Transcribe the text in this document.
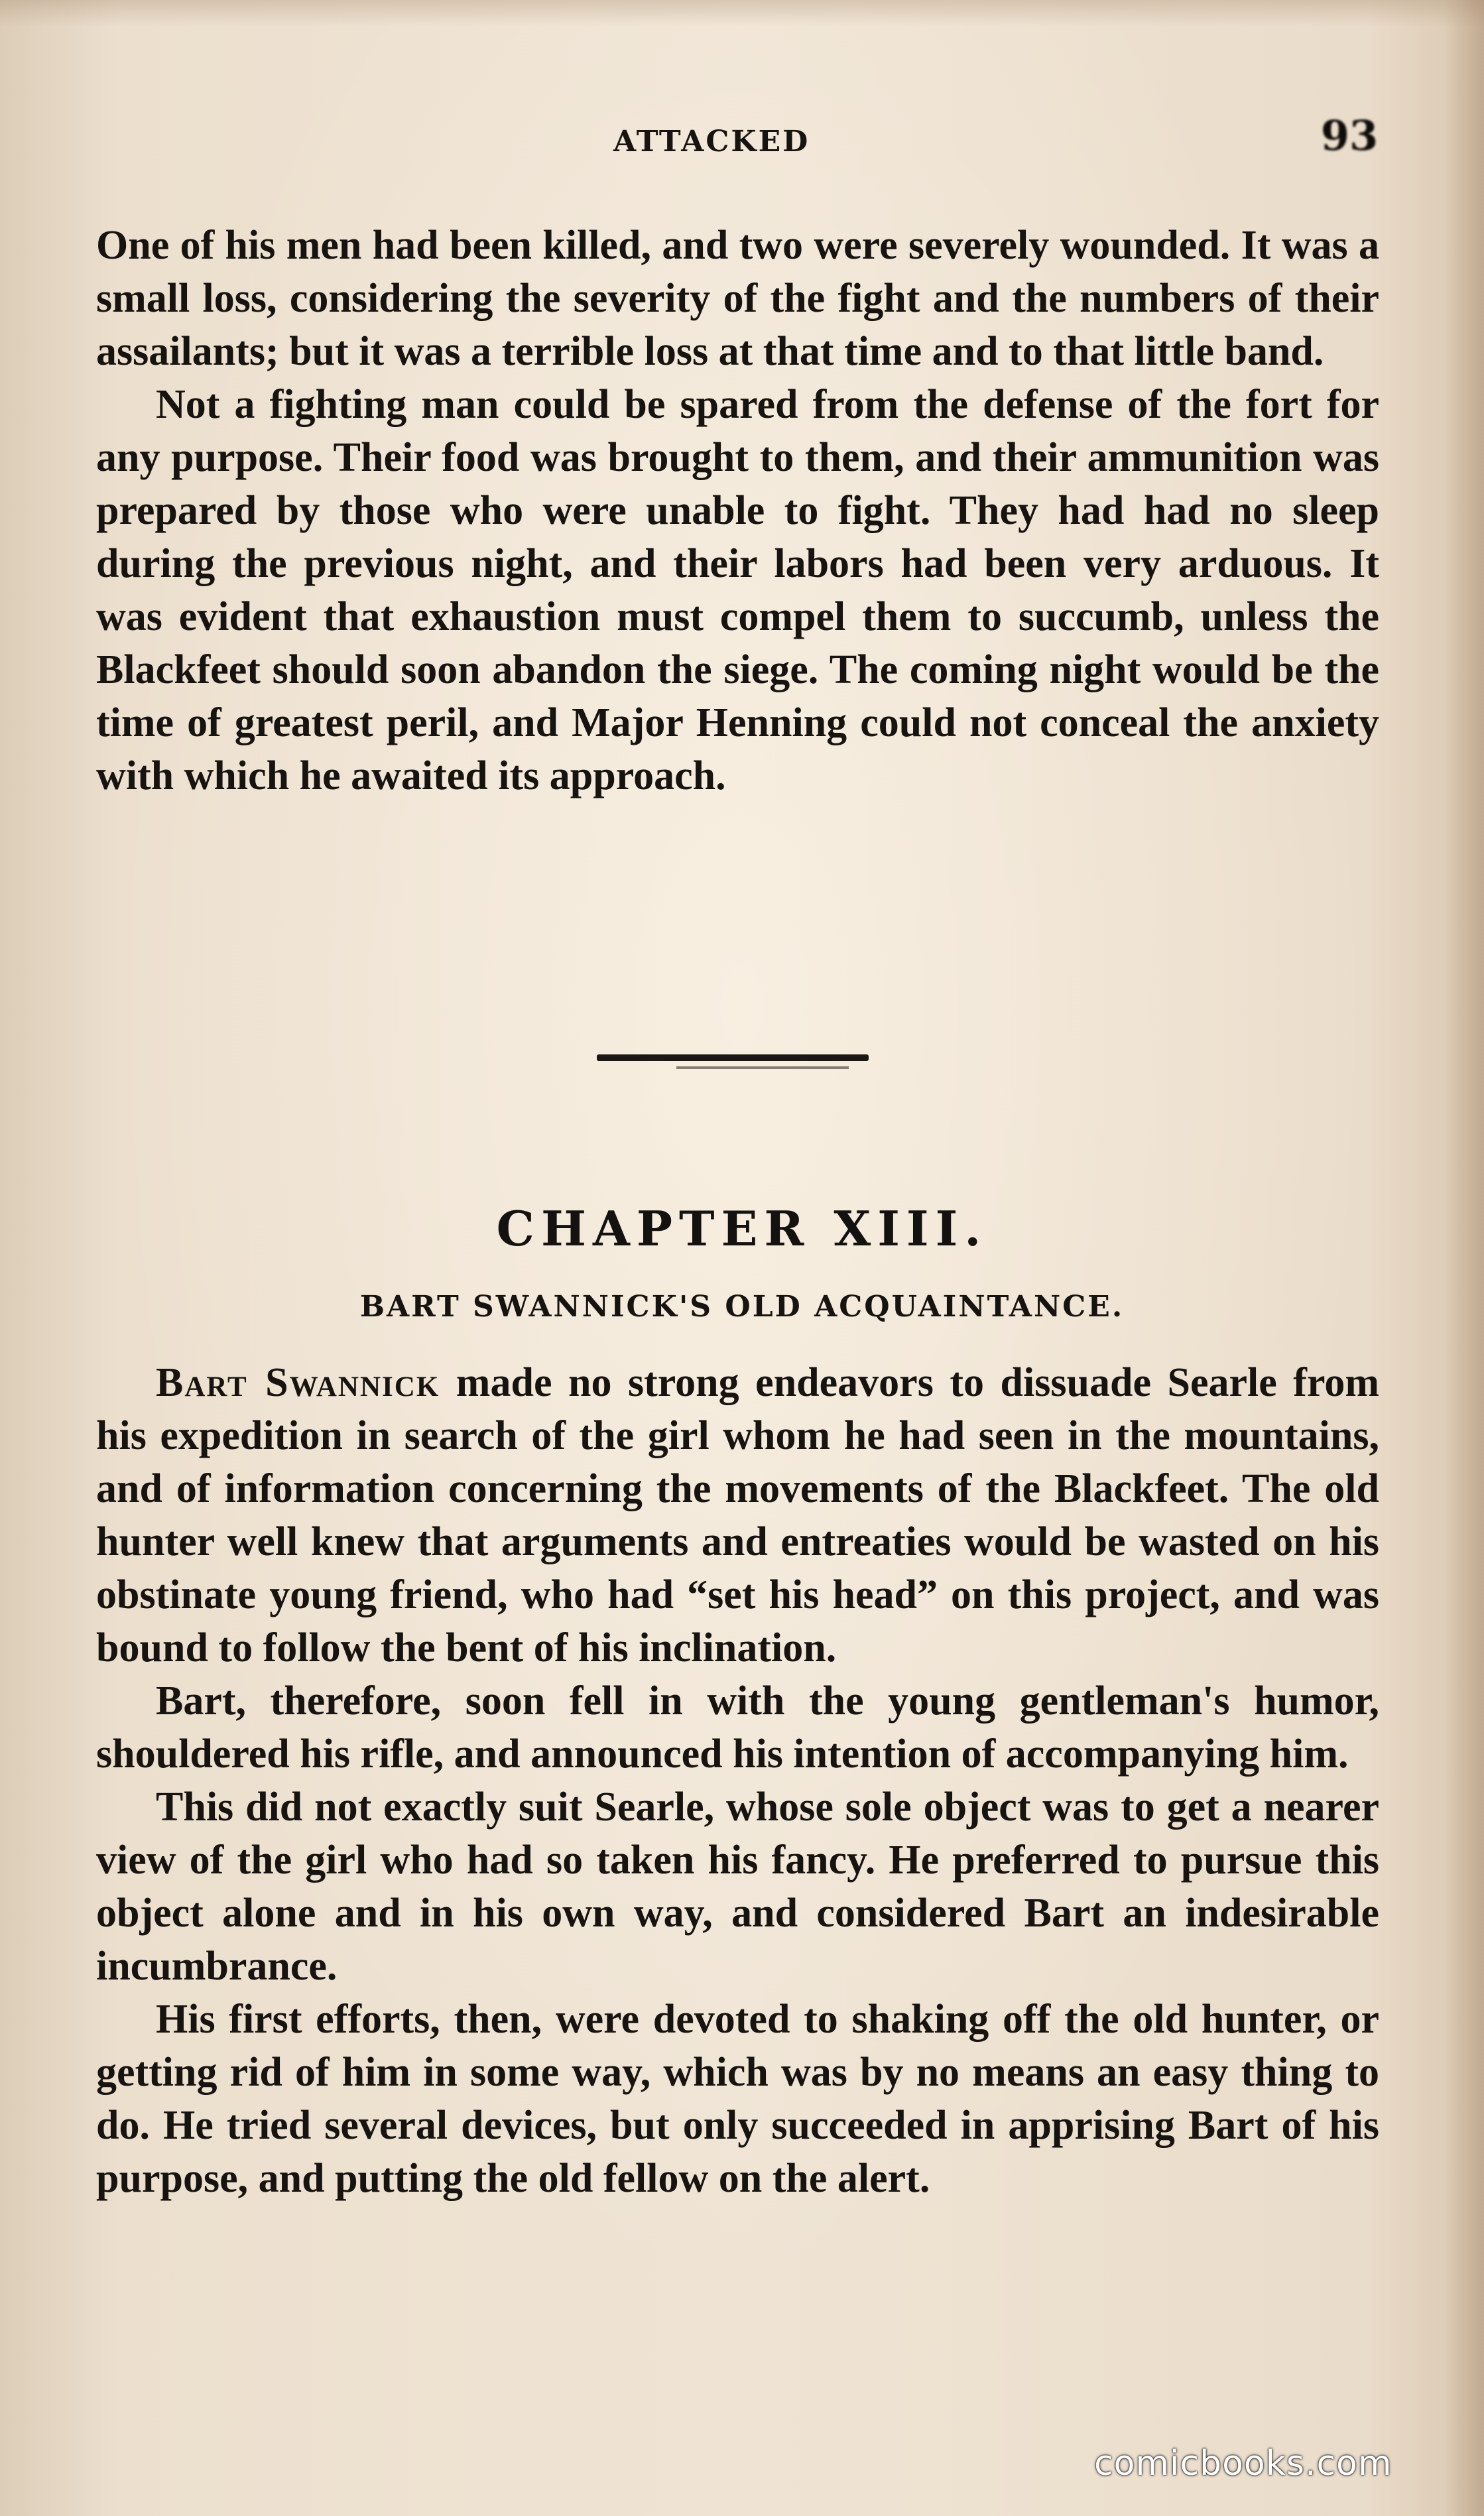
ATTACKED	93

One of his men had been killed, and two were severely wounded. It was a small loss, considering the severity of the fight and the numbers of their assailants; but it was a terrible loss at that time and to that little band.

Not a fighting man could be spared from the defense of the fort for any purpose. Their food was brought to them, and their ammunition was prepared by those who were unable to fight. They had had no sleep during the previous night, and their labors had been very arduous. It was evident that exhaustion must compel them to succumb, unless the Blackfeet should soon abandon the siege. The coming night would be the time of greatest peril, and Major Henning could not conceal the anxiety with which he awaited its approach.

CHAPTER XIII.
BART SWANNICK'S OLD ACQUAINTANCE.

Bart Swannick made no strong endeavors to dissuade Searle from his expedition in search of the girl whom he had seen in the mountains, and of information concerning the movements of the Blackfeet. The old hunter well knew that arguments and entreaties would be wasted on his obstinate young friend, who had “set his head” on this project, and was bound to follow the bent of his inclination.

Bart, therefore, soon fell in with the young gentleman's humor, shouldered his rifle, and announced his intention of accompanying him.

This did not exactly suit Searle, whose sole object was to get a nearer view of the girl who had so taken his fancy. He preferred to pursue this object alone and in his own way, and considered Bart an indesirable incumbrance.

His first efforts, then, were devoted to shaking off the old hunter, or getting rid of him in some way, which was by no means an easy thing to do. He tried several devices, but only succeeded in apprising Bart of his purpose, and putting the old fellow on the alert.

comicbooks.com
